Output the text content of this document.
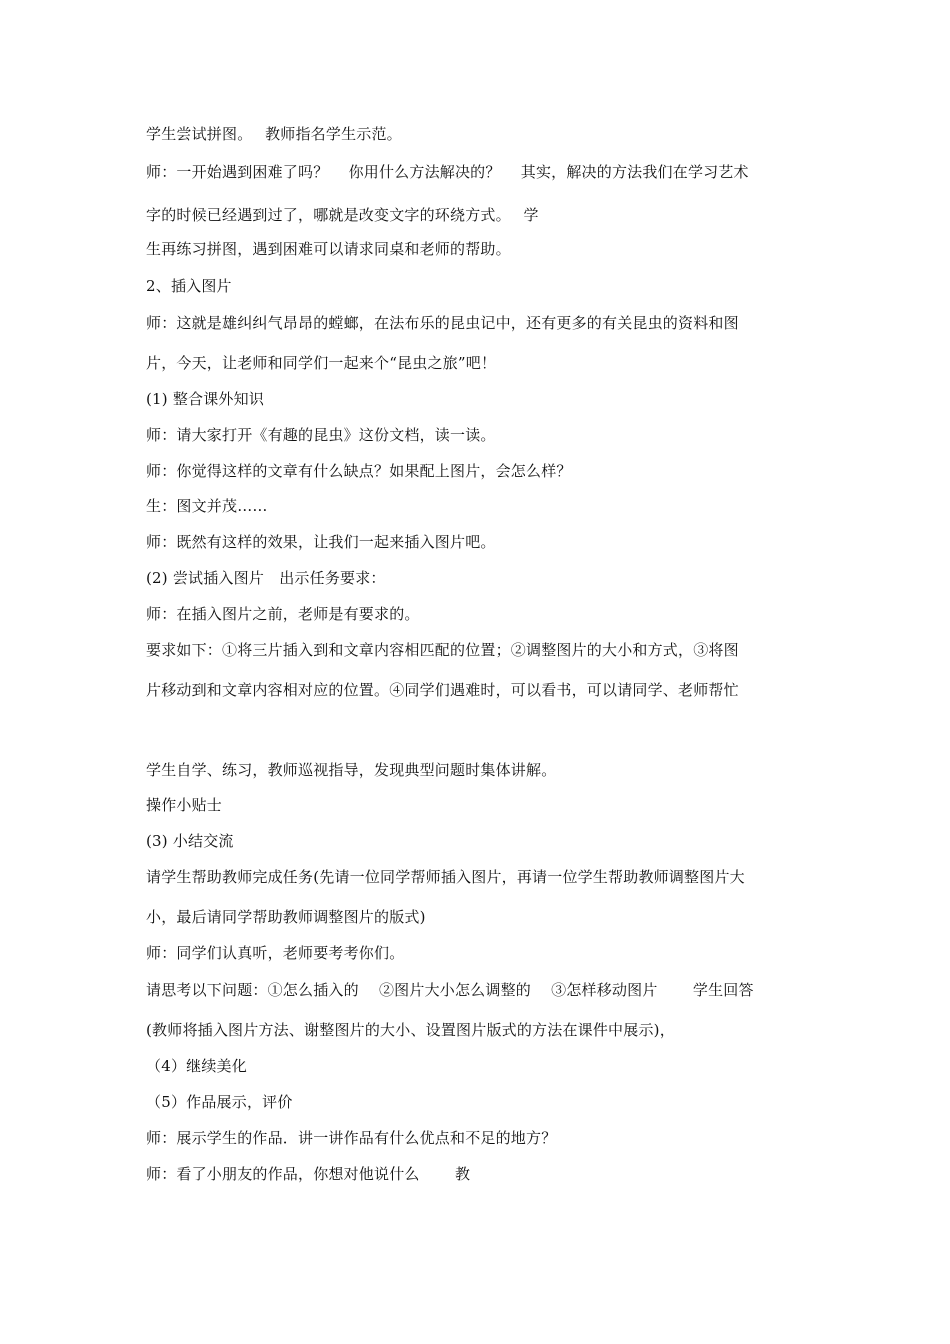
学生尝试拼图。　 教师指名学生示范。
师：一开始遇到困难了吗？　 你用什么方法解决的？　 其实，解决的方法我们在学习艺术
字的时候已经遇到过了，哪就是改变文字的环绕方式。　 学
生再练习拼图，遇到困难可以请求同桌和老师的帮助。
2、插入图片
师：这就是雄纠纠气昂昂的螳螂，在法布乐的昆虫记中，还有更多的有关昆虫的资料和图
片，今天，让老师和同学们一起来个“昆虫之旅”吧！
(1) 整合课外知识
师：请大家打开《有趣的昆虫》这份文档，读一读。
师：你觉得这样的文章有什么缺点？如果配上图片，会怎么样？
生：图文并茂……
师：既然有这样的效果，让我们一起来插入图片吧。
(2) 尝试插入图片　出示任务要求：
师：在插入图片之前，老师是有要求的。
要求如下：①将三片插入到和文章内容相匹配的位置；②调整图片的大小和方式，③将图
片移动到和文章内容相对应的位置。④同学们遇难时，可以看书，可以请同学、老师帮忙
学生自学、练习，教师巡视指导，发现典型问题时集体讲解。
操作小贴士
(3) 小结交流
请学生帮助教师完成任务(先请一位同学帮师插入图片，再请一位学生帮助教师调整图片大
小，最后请同学帮助教师调整图片的版式)
师：同学们认真听，老师要考考你们。
请思考以下问题：①怎么插入的　 ②图片大小怎么调整的　 ③怎样移动图片　　 学生回答
(教师将插入图片方法、谢整图片的大小、设置图片版式的方法在课件中展示)，
（4）继续美化
（5）作品展示，评价
师：展示学生的作品．讲一讲作品有什么优点和不足的地方？
师：看了小朋友的作品，你想对他说什么　　 教
